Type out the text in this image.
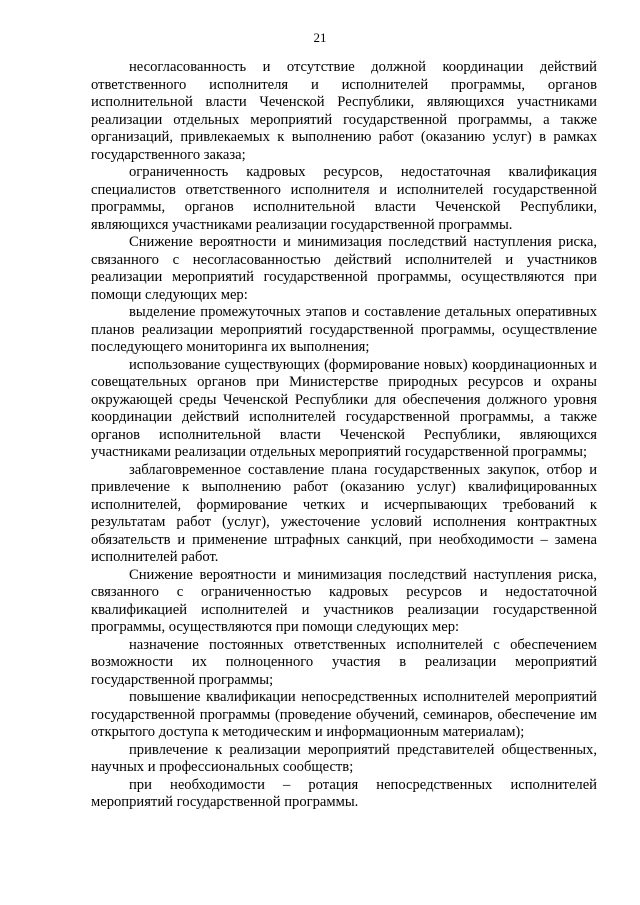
21

несогласованность и отсутствие должной координации действий ответственного исполнителя и исполнителей программы, органов исполнительной власти Чеченской Республики, являющихся участниками реализации отдельных мероприятий государственной программы, а также организаций, привлекаемых к выполнению работ (оказанию услуг) в рамках государственного заказа;

ограниченность кадровых ресурсов, недостаточная квалификация специалистов ответственного исполнителя и исполнителей государственной программы, органов исполнительной власти Чеченской Республики, являющихся участниками реализации государственной программы.

Снижение вероятности и минимизация последствий наступления риска, связанного с несогласованностью действий исполнителей и участников реализации мероприятий государственной программы, осуществляются при помощи следующих мер:

выделение промежуточных этапов и составление детальных оперативных планов реализации мероприятий государственной программы, осуществление последующего мониторинга их выполнения;

использование существующих (формирование новых) координационных и совещательных органов при Министерстве природных ресурсов и охраны окружающей среды Чеченской Республики для обеспечения должного уровня координации действий исполнителей государственной программы, а также органов исполнительной власти Чеченской Республики, являющихся участниками реализации отдельных мероприятий государственной программы;

заблаговременное составление плана государственных закупок, отбор и привлечение к выполнению работ (оказанию услуг) квалифицированных исполнителей, формирование четких и исчерпывающих требований к результатам работ (услуг), ужесточение условий исполнения контрактных обязательств и применение штрафных санкций, при необходимости – замена исполнителей работ.

Снижение вероятности и минимизация последствий наступления риска, связанного с ограниченностью кадровых ресурсов и недостаточной квалификацией исполнителей и участников реализации государственной программы, осуществляются при помощи следующих мер:

назначение постоянных ответственных исполнителей с обеспечением возможности их полноценного участия в реализации мероприятий государственной программы;

повышение квалификации непосредственных исполнителей мероприятий государственной программы (проведение обучений, семинаров, обеспечение им открытого доступа к методическим и информационным материалам);

привлечение к реализации мероприятий представителей общественных, научных и профессиональных сообществ;

при необходимости – ротация непосредственных исполнителей мероприятий государственной программы.
